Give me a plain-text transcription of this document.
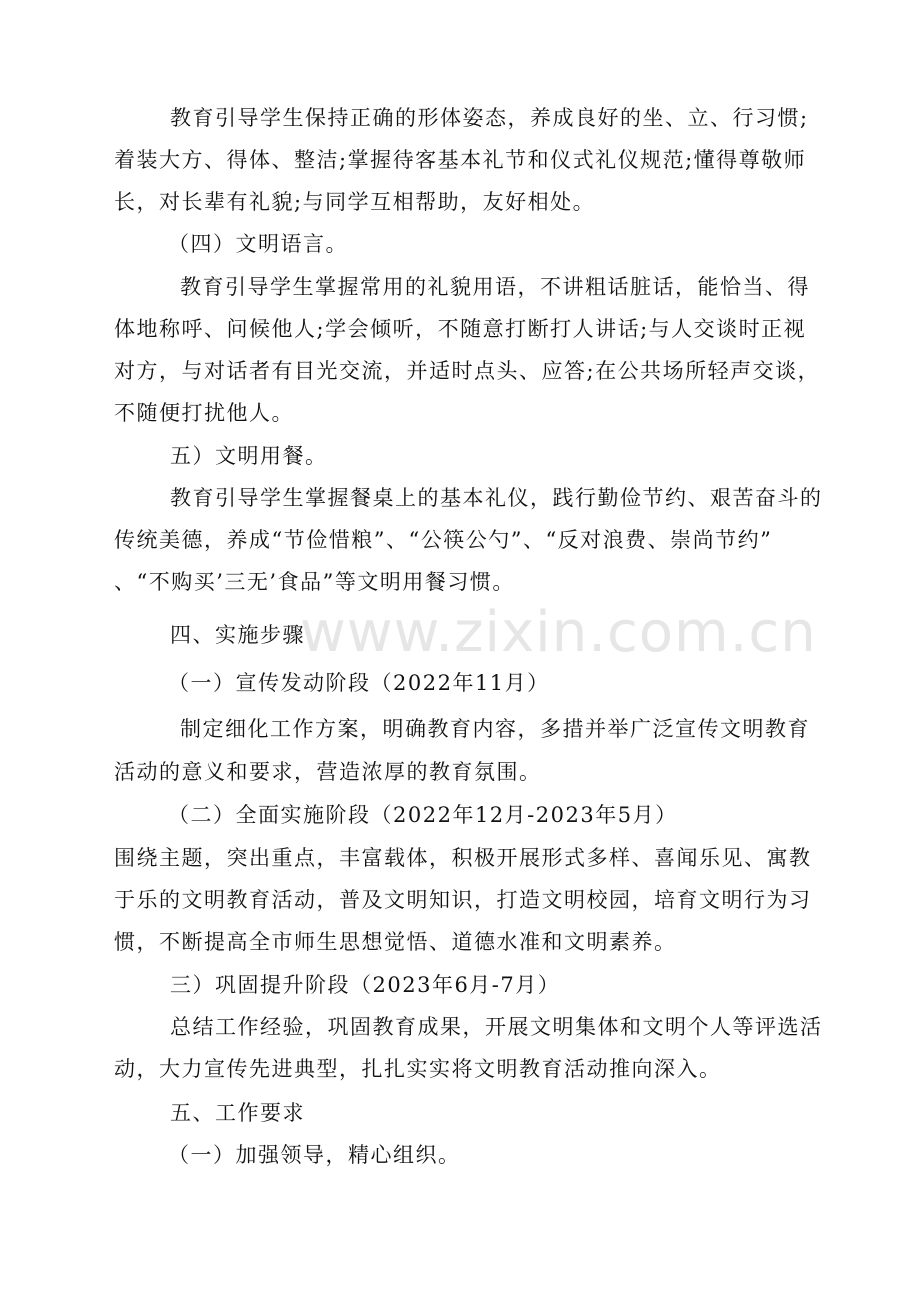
www.zixin.com.cn
教育引导学生保持正确的形体姿态，养成良好的坐、立、行习惯;
着装大方、得体、整洁;掌握待客基本礼节和仪式礼仪规范;懂得尊敬师
长，对长辈有礼貌;与同学互相帮助，友好相处。
（四）文明语言。
教育引导学生掌握常用的礼貌用语，不讲粗话脏话，能恰当、得
体地称呼、问候他人;学会倾听，不随意打断打人讲话;与人交谈时正视
对方，与对话者有目光交流，并适时点头、应答;在公共场所轻声交谈，
不随便打扰他人。
五）文明用餐。
教育引导学生掌握餐桌上的基本礼仪，践行勤俭节约、艰苦奋斗的
传统美德，养成“节俭惜粮”、“公筷公勺”、“反对浪费、崇尚节约”
、“不购买’三无’食品”等文明用餐习惯。
四、实施步骤
（一）宣传发动阶段（2022年11月）
制定细化工作方案，明确教育内容，多措并举广泛宣传文明教育
活动的意义和要求，营造浓厚的教育氛围。
（二）全面实施阶段（2022年12月-2023年5月）
围绕主题，突出重点，丰富载体，积极开展形式多样、喜闻乐见、寓教
于乐的文明教育活动，普及文明知识，打造文明校园，培育文明行为习
惯，不断提高全市师生思想觉悟、道德水准和文明素养。
三）巩固提升阶段（2023年6月-7月）
总结工作经验，巩固教育成果，开展文明集体和文明个人等评选活
动，大力宣传先进典型，扎扎实实将文明教育活动推向深入。
五、工作要求
（一）加强领导，精心组织。
